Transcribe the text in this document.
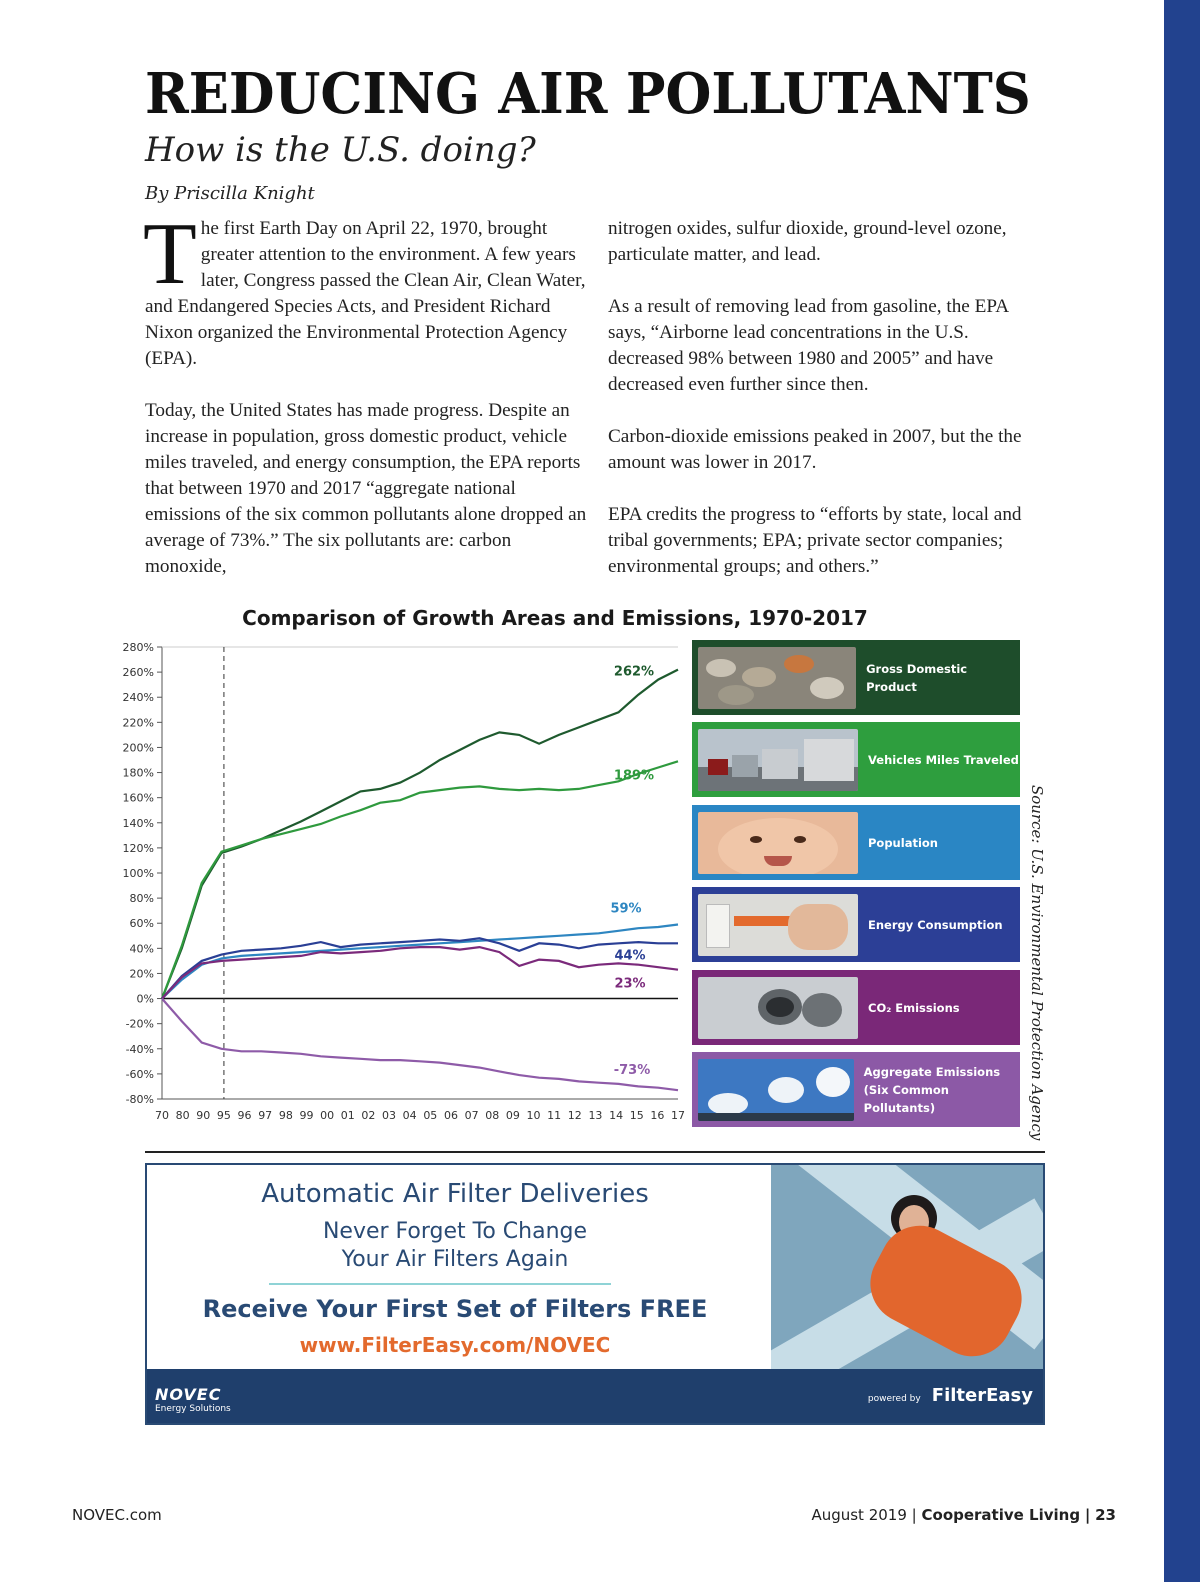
REDUCING AIR POLLUTANTS
How is the U.S. doing?
By Priscilla Knight

The first Earth Day on April 22, 1970, brought greater attention to the environment. A few years later, Congress passed the Clean Air, Clean Water, and Endangered Species Acts, and President Richard Nixon organized the Environmental Protection Agency (EPA).

Today, the United States has made progress. Despite an increase in population, gross domestic product, vehicle miles traveled, and energy consumption, the EPA reports that between 1970 and 2017 “aggregate national emissions of the six common pollutants alone dropped an average of 73%.” The six pollutants are: carbon monoxide,

nitrogen oxides, sulfur dioxide, ground-level ozone, particulate matter, and lead.

As a result of removing lead from gasoline, the EPA says, “Airborne lead concentrations in the U.S. decreased 98% between 1980 and 2005” and have decreased even further since then.

Carbon-dioxide emissions peaked in 2007, but the the amount was lower in 2017.

EPA credits the progress to “efforts by state, local and tribal governments; EPA; private sector companies; environmental groups; and others.”

Comparison of Growth Areas and Emissions, 1970-2017
280%
260%
240%
220%
200%
180%
160%
140%
120%
100%
80%
60%
40%
20%
0%
-20%
-40%
-60%
-80%
70 80 90 95 96 97 98 99 00 01 02 03 04 05 06 07 08 09 10 11 12 13 14 15 16 17
262%
189%
59%
44%
23%
-73%
Gross Domestic Product
Vehicles Miles Traveled
Population
Energy Consumption
CO₂ Emissions
Aggregate Emissions
(Six Common Pollutants)	Source: U.S. Environmental Protection Agency
Automatic Air Filter Deliveries
Never Forget To Change
Your Air Filters Again
Receive Your First Set of Filters FREE
www.FilterEasy.com/NOVEC
NOVEC
Energy Solutions
powered by FilterEasy
NOVEC.com	August 2019 | Cooperative Living | 23
